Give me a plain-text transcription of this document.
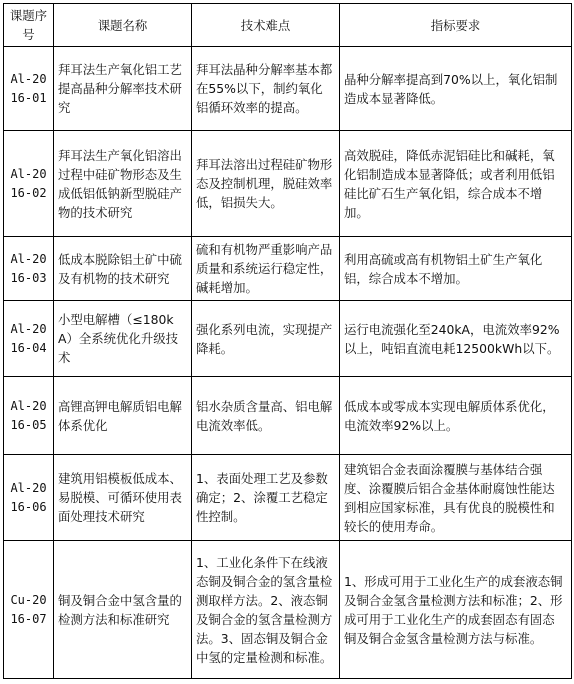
课题序号	课题名称	技术难点	指标要求
Al-2016-01	拜耳法生产氧化铝工艺提高晶种分解率技术研究	拜耳法晶种分解率基本都在55%以下，制约氧化铝循环效率的提高。	晶种分解率提高到70%以上，氧化铝制造成本显著降低。
Al-2016-02	拜耳法生产氧化铝溶出过程中硅矿物形态及生成低铝低钠新型脱硅产物的技术研究	拜耳法溶出过程硅矿物形态及控制机理，脱硅效率低，铝损失大。	高效脱硅，降低赤泥铝硅比和碱耗，氧化铝制造成本显著降低；或者利用低铝硅比矿石生产氧化铝，综合成本不增加。
Al-2016-03	低成本脱除铝土矿中硫及有机物的技术研究	硫和有机物严重影响产品质量和系统运行稳定性，碱耗增加。	利用高硫或高有机物铝土矿生产氧化铝，综合成本不增加。
Al-2016-04	小型电解槽（≤180kA）全系统优化升级技术	强化系列电流，实现提产降耗。	运行电流强化至240kA，电流效率92%以上，吨铝直流电耗12500kWh以下。
Al-2016-05	高锂高钾电解质铝电解体系优化	铝水杂质含量高、铝电解电流效率低。	低成本或零成本实现电解质体系优化，电流效率92%以上。
Al-2016-06	建筑用铝模板低成本、易脱模、可循环使用表面处理技术研究	1、表面处理工艺及参数确定；2、涂覆工艺稳定性控制。	建筑铝合金表面涂覆膜与基体结合强度、涂覆膜后铝合金基体耐腐蚀性能达到相应国家标准，具有优良的脱模性和较长的使用寿命。
Cu-2016-07	铜及铜合金中氢含量的检测方法和标准研究	1、工业化条件下在线液态铜及铜合金的氢含量检测取样方法。2、液态铜及铜合金的氢含量检测方法。3、固态铜及铜合金中氢的定量检测和标准。	1、形成可用于工业化生产的成套液态铜及铜合金氢含量检测方法和标准；2、形成可用于工业化生产的成套固态有固态铜及铜合金氢含量检测方法与标准。
